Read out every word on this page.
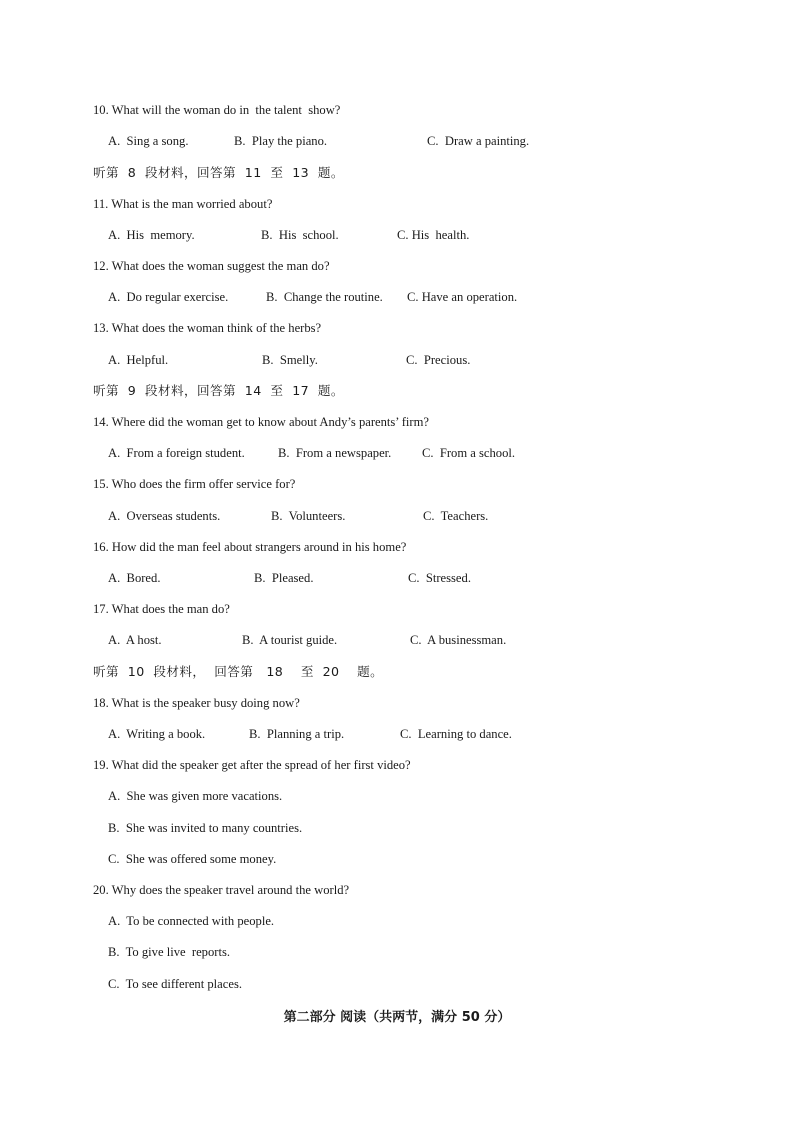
10. What will the woman do in  the talent  show?
A.  Sing a song.	B.  Play the piano.	C.  Draw a painting.
听第  8  段材料，回答第  11  至  13  题。
11. What is the man worried about?
A.  His  memory.	B.  His  school.	C. His  health.
12. What does the woman suggest the man do?
A.  Do regular exercise.	B.  Change the routine. C. Have an operation.
13. What does the woman think of the herbs?
A.  Helpful.	B.  Smelly.	C.  Precious.
听第  9  段材料，回答第  14  至  17  题。
14. Where did the woman get to know about Andy’s parents’ firm?
A.  From a foreign student.	B.  From a newspaper. C.  From a school.
15. Who does the firm offer service for?
A.  Overseas students.	B.  Volunteers.	C.  Teachers.
16. How did the man feel about strangers around in his home?
A.  Bored.	B.  Pleased.	C.  Stressed.
17. What does the man do?
A.  A host.	B.  A tourist guide.	C.  A businessman.
听第  10  段材料，  回答第   18    至  20    题。
18. What is the speaker busy doing now?
A.  Writing a book.	B.  Planning a trip.	C.  Learning to dance.
19. What did the speaker get after the spread of her first video?
A.  She was given more vacations.
B.  She was invited to many countries.
C.  She was offered some money.
20. Why does the speaker travel around the world?
A.  To be connected with people.
B.  To give live  reports.
C.  To see different places.
第二部分 阅读（共两节，满分 50 分）
